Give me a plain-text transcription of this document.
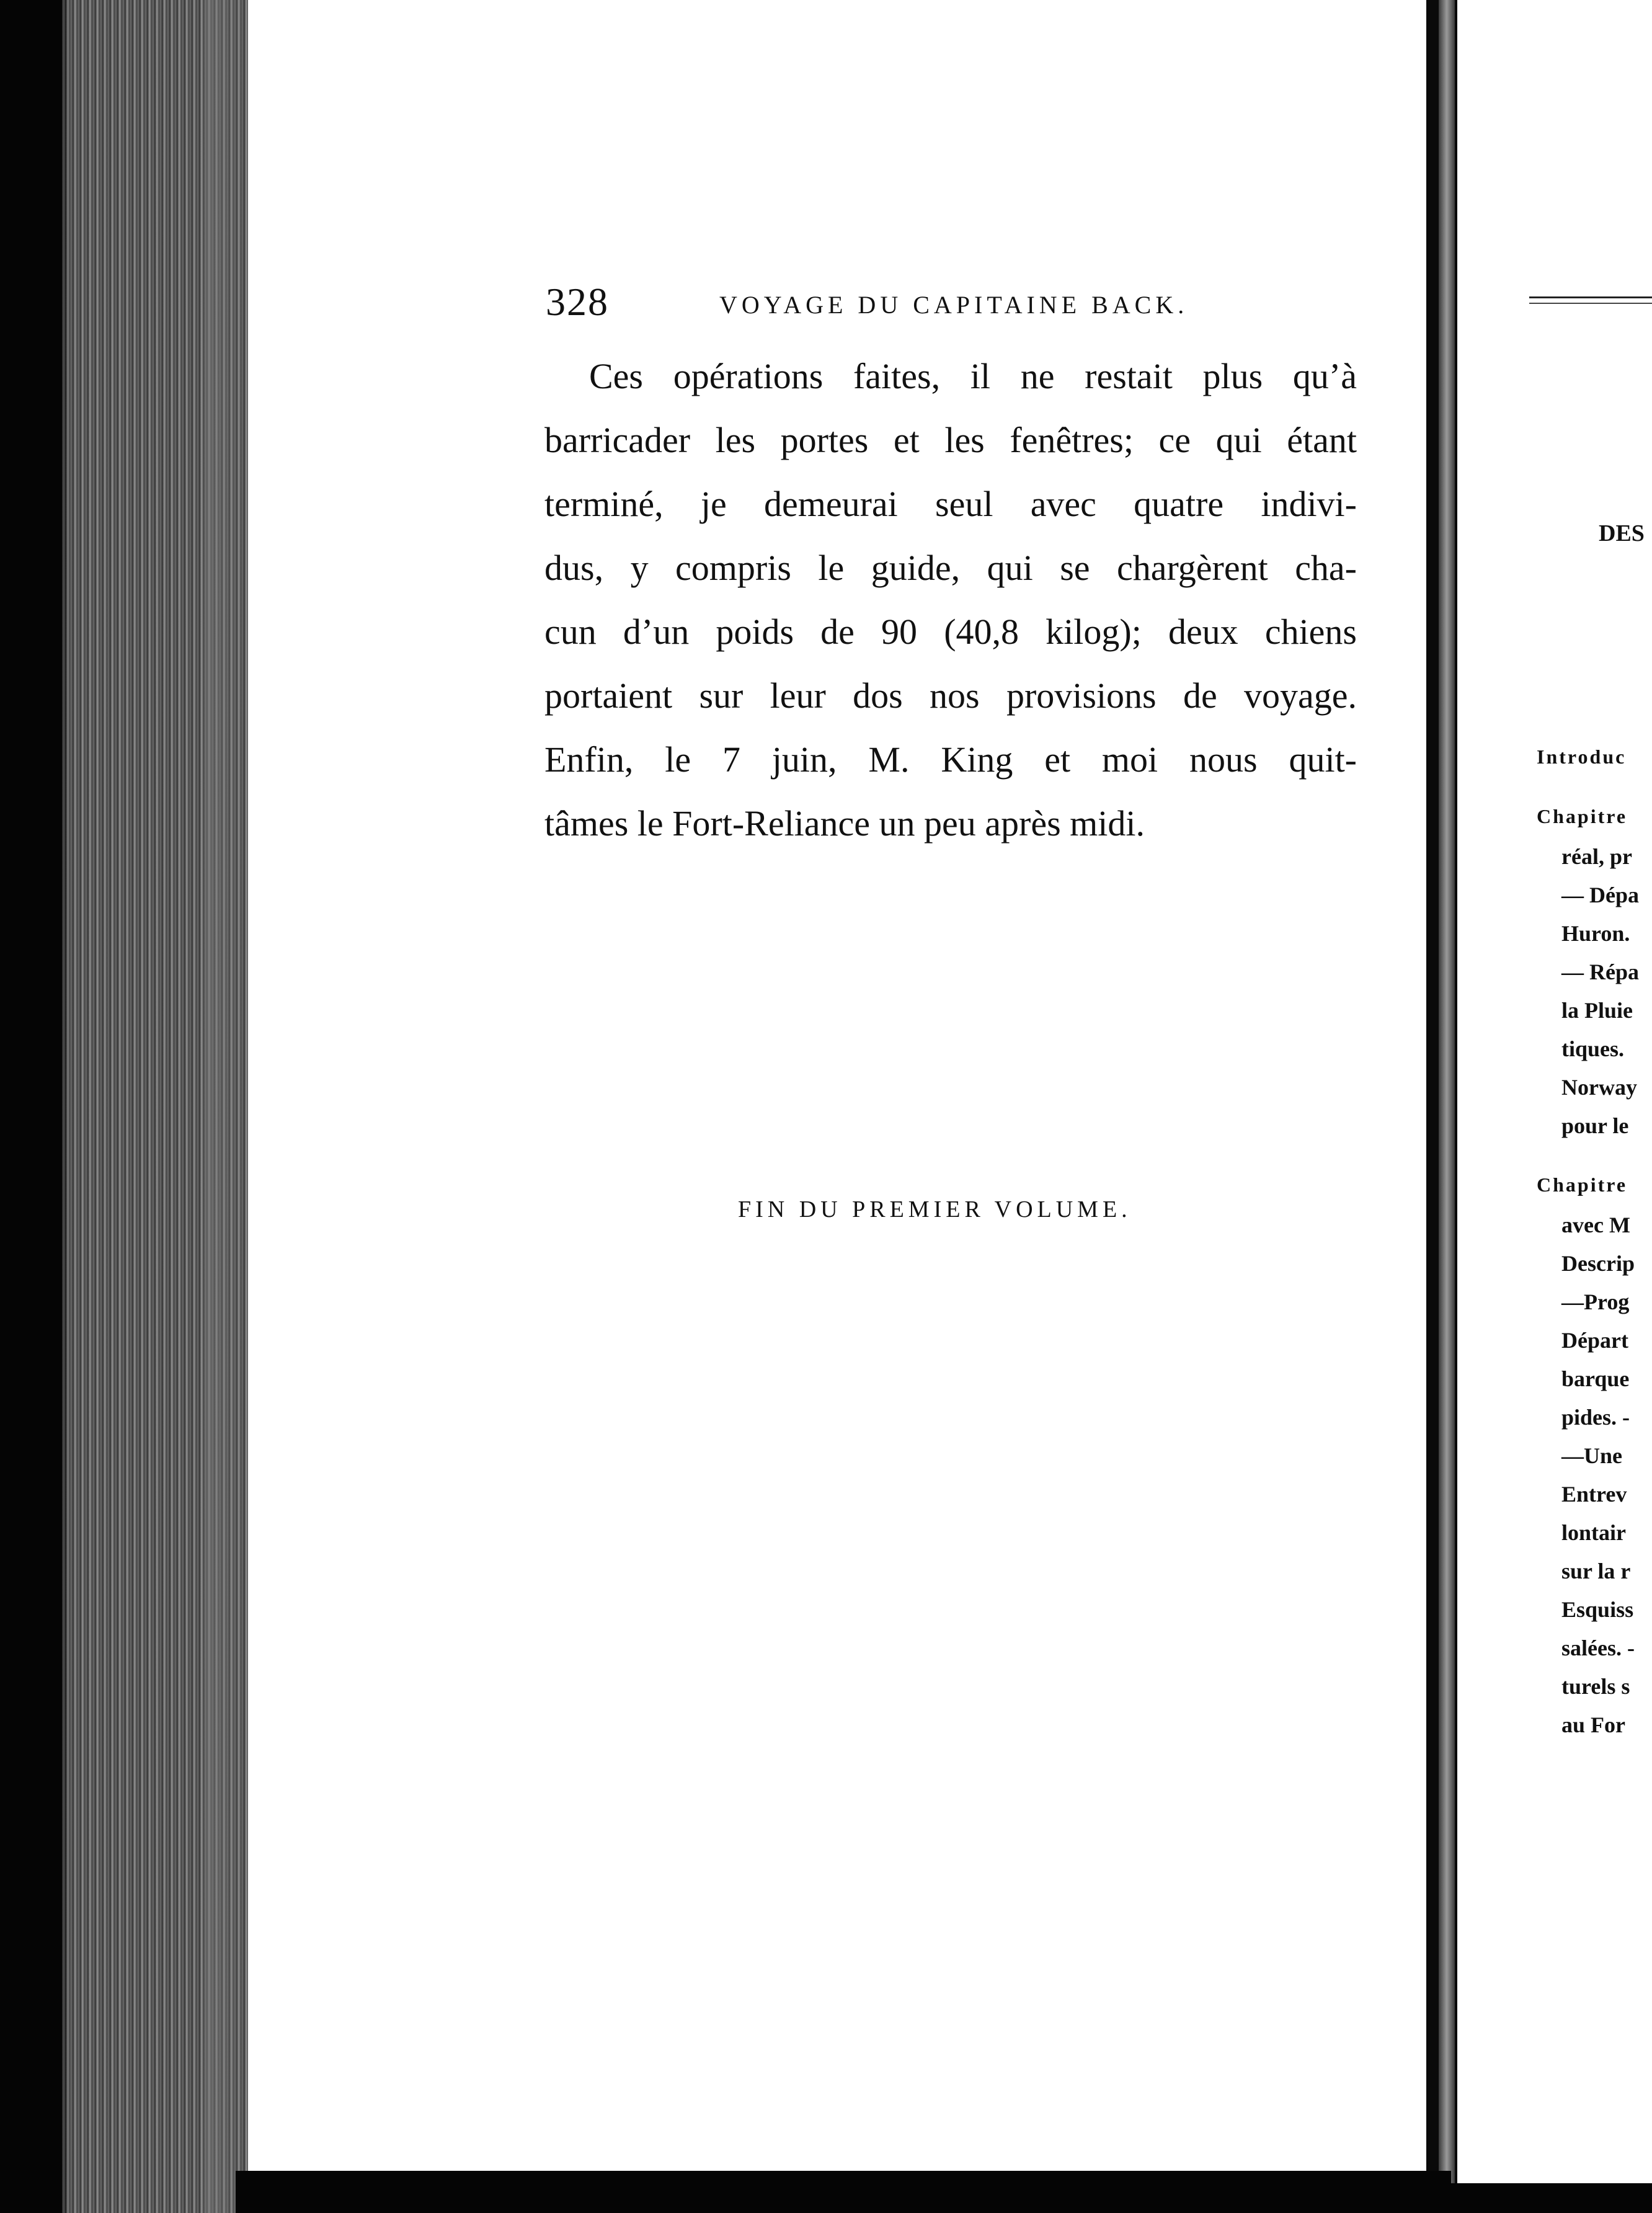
328	VOYAGE DU CAPITAINE BACK.
Ces opérations faites, il ne restait plus qu’à
barricader les portes et les fenêtres; ce qui étant
terminé, je demeurai seul avec quatre indivi-
dus, y compris le guide, qui se chargèrent cha-
cun d’un poids de 90 (40,8 kilog); deux chiens
portaient sur leur dos nos provisions de voyage.
Enfin, le 7 juin, M. King et moi nous quit-
tâmes le Fort-Reliance un peu après midi.
FIN DU PREMIER VOLUME.
DES
Introduc
Chapitre
réal, pr
— Dépa
Huron.
— Répa
la Pluie
tiques.
Norway
pour le
Chapitre
avec M
Descrip
—Prog
Départ
barque
pides. -
—Une
Entrev
lontair
sur la r
Esquiss
salées. -
turels s
au For
